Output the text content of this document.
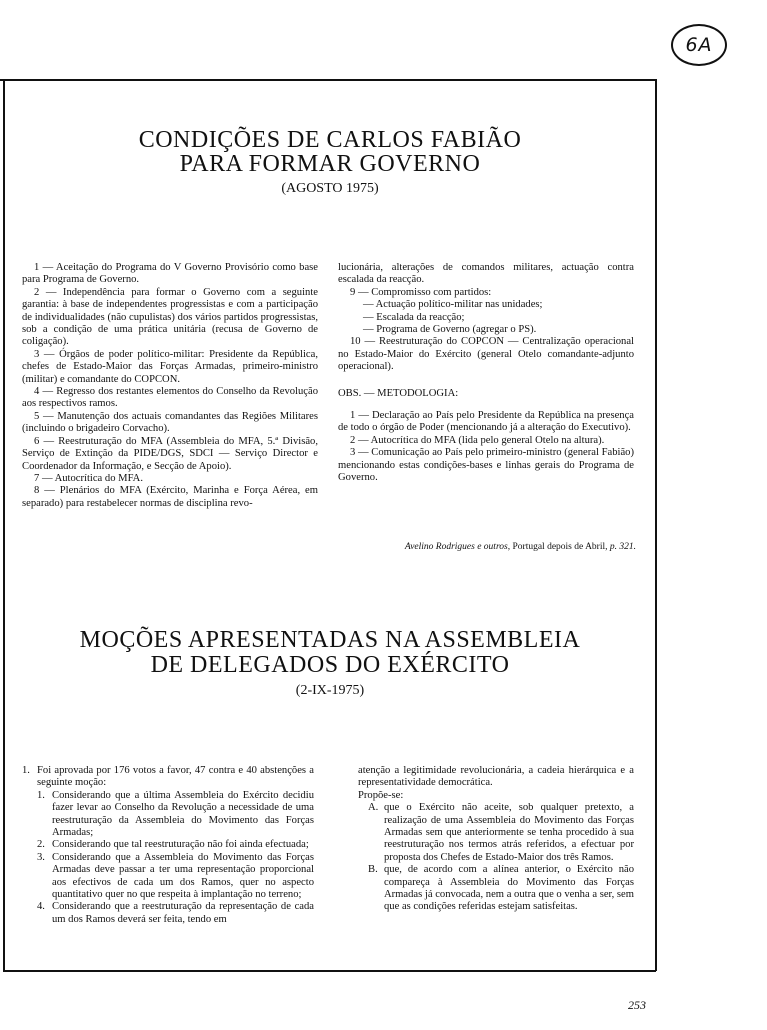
6A
CONDIÇÕES DE CARLOS FABIÃO
PARA FORMAR GOVERNO

(AGOSTO 1975)

1 — Aceitação do Programa do V Governo Provisório como base para Programa de Governo.

2 — Independência para formar o Governo com a seguinte garantia: à base de independentes progressistas e com a participação de individualidades (não cupulistas) dos vários partidos progressistas, sob a condição de uma prática unitária (recusa de Governo de coligação).

3 — Órgãos de poder político-militar: Presidente da República, chefes de Estado-Maior das Forças Armadas, primeiro-ministro (militar) e comandante do COPCON.

4 — Regresso dos restantes elementos do Conselho da Revolução aos respectivos ramos.

5 — Manutenção dos actuais comandantes das Regiões Militares (incluindo o brigadeiro Corvacho).

6 — Reestruturação do MFA (Assembleia do MFA, 5.ª Divisão, Serviço de Extinção da PIDE/DGS, SDCI — Serviço Director e Coordenador da Informação, e Secção de Apoio).

7 — Autocrítica do MFA.

8 — Plenários do MFA (Exército, Marinha e Força Aérea, em separado) para restabelecer normas de disciplina revo-

lucionária, alterações de comandos militares, actuação contra escalada da reacção.

9 — Compromisso com partidos:

— Actuação político-militar nas unidades;

— Escalada da reacção;

— Programa de Governo (agregar o PS).

10 — Reestruturação do COPCON — Centralização operacional no Estado-Maior do Exército (general Otelo comandante-adjunto operacional).

OBS. — METODOLOGIA:

1 — Declaração ao País pelo Presidente da República na presença de todo o órgão de Poder (mencionando já a alteração do Executivo).

2 — Autocrítica do MFA (lida pelo general Otelo na altura).

3 — Comunicação ao País pelo primeiro-ministro (general Fabião) mencionando estas condições-bases e linhas gerais do Programa de Governo.

Avelino Rodrigues e outros, Portugal depois de Abril, p. 321.
MOÇÕES APRESENTADAS NA ASSEMBLEIA
DE DELEGADOS DO EXÉRCITO

(2-IX-1975)

1. Foi aprovada por 176 votos a favor, 47 contra e 40 abstenções a seguinte moção:
1. Considerando que a última Assembleia do Exército decidiu fazer levar ao Conselho da Revolução a necessidade de uma reestruturação da Assembleia do Movimento das Forças Armadas;
2. Considerando que tal reestruturação não foi ainda efectuada;
3. Considerando que a Assembleia do Movimento das Forças Armadas deve passar a ter uma representação proporcional aos efectivos de cada um dos Ramos, quer no aspecto quantitativo quer no que respeita à implantação no terreno;
4. Considerando que a reestruturação da representação de cada um dos Ramos deverá ser feita, tendo em

atenção a legitimidade revolucionária, a cadeia hierárquica e a representatividade democrática.

Propõe-se:

A. que o Exército não aceite, sob qualquer pretexto, a realização de uma Assembleia do Movimento das Forças Armadas sem que anteriormente se tenha procedido à sua reestruturação nos termos atrás referidos, a efectuar por proposta dos Chefes de Estado-Maior dos três Ramos.
B. que, de acordo com a alínea anterior, o Exército não compareça à Assembleia do Movimento das Forças Armadas já convocada, nem a outra que o venha a ser, sem que as condições referidas estejam satisfeitas.
253
